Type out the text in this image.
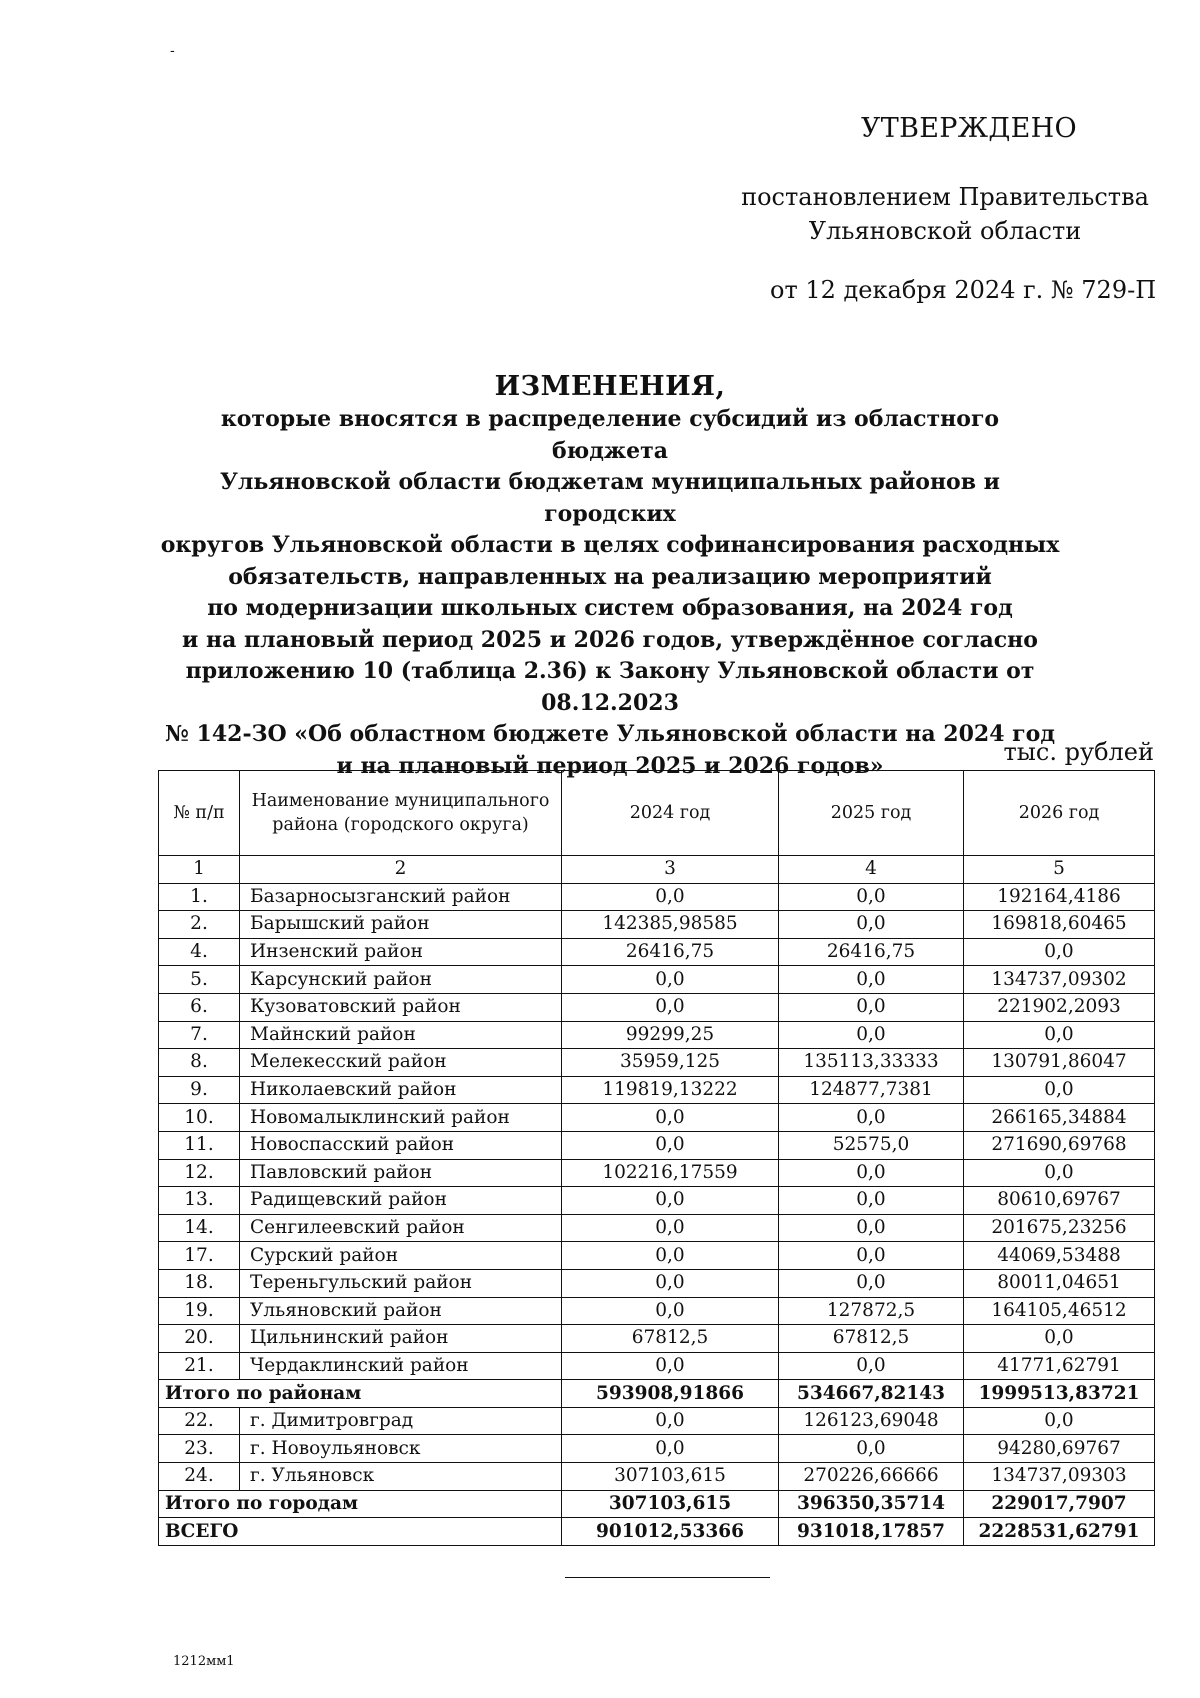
-
УТВЕРЖДЕНО
постановлением Правительства
Ульяновской области
от 12 декабря 2024 г. № 729-П
ИЗМЕНЕНИЯ,
которые вносятся в распределение субсидий из областного бюджета
Ульяновской области бюджетам муниципальных районов и городских
округов Ульяновской области в целях софинансирования расходных
обязательств, направленных на реализацию мероприятий
по модернизации школьных систем образования, на 2024 год
и на плановый период 2025 и 2026 годов, утверждённое согласно
приложению 10 (таблица 2.36) к Закону Ульяновской области от 08.12.2023
№ 142-ЗО «Об областном бюджете Ульяновской области на 2024 год
и на плановый период 2025 и 2026 годов»	тыс. рублей
№ п/п	Наименование муниципального района (городского округа)	2024 год	2025 год	2026 год
1	2	3	4	5
1.	Базарносызганский район	0,0	0,0	192164,4186
2.	Барышский район	142385,98585	0,0	169818,60465
4.	Инзенский район	26416,75	26416,75	0,0
5.	Карсунский район	0,0	0,0	134737,09302
6.	Кузоватовский район	0,0	0,0	221902,2093
7.	Майнский район	99299,25	0,0	0,0
8.	Мелекесский район	35959,125	135113,33333	130791,86047
9.	Николаевский район	119819,13222	124877,7381	0,0
10.	Новомалыклинский район	0,0	0,0	266165,34884
11.	Новоспасский район	0,0	52575,0	271690,69768
12.	Павловский район	102216,17559	0,0	0,0
13.	Радищевский район	0,0	0,0	80610,69767
14.	Сенгилеевский район	0,0	0,0	201675,23256
17.	Сурский район	0,0	0,0	44069,53488
18.	Тереньгульский район	0,0	0,0	80011,04651
19.	Ульяновский район	0,0	127872,5	164105,46512
20.	Цильнинский район	67812,5	67812,5	0,0
21.	Чердаклинский район	0,0	0,0	41771,62791
Итого по районам		593908,91866	534667,82143	1999513,83721
22.	г. Димитровград	0,0	126123,69048	0,0
23.	г. Новоульяновск	0,0	0,0	94280,69767
24.	г. Ульяновск	307103,615	270226,66666	134737,09303
Итого по городам		307103,615	396350,35714	229017,7907
ВСЕГО		901012,53366	931018,17857	2228531,62791
1212мм1
